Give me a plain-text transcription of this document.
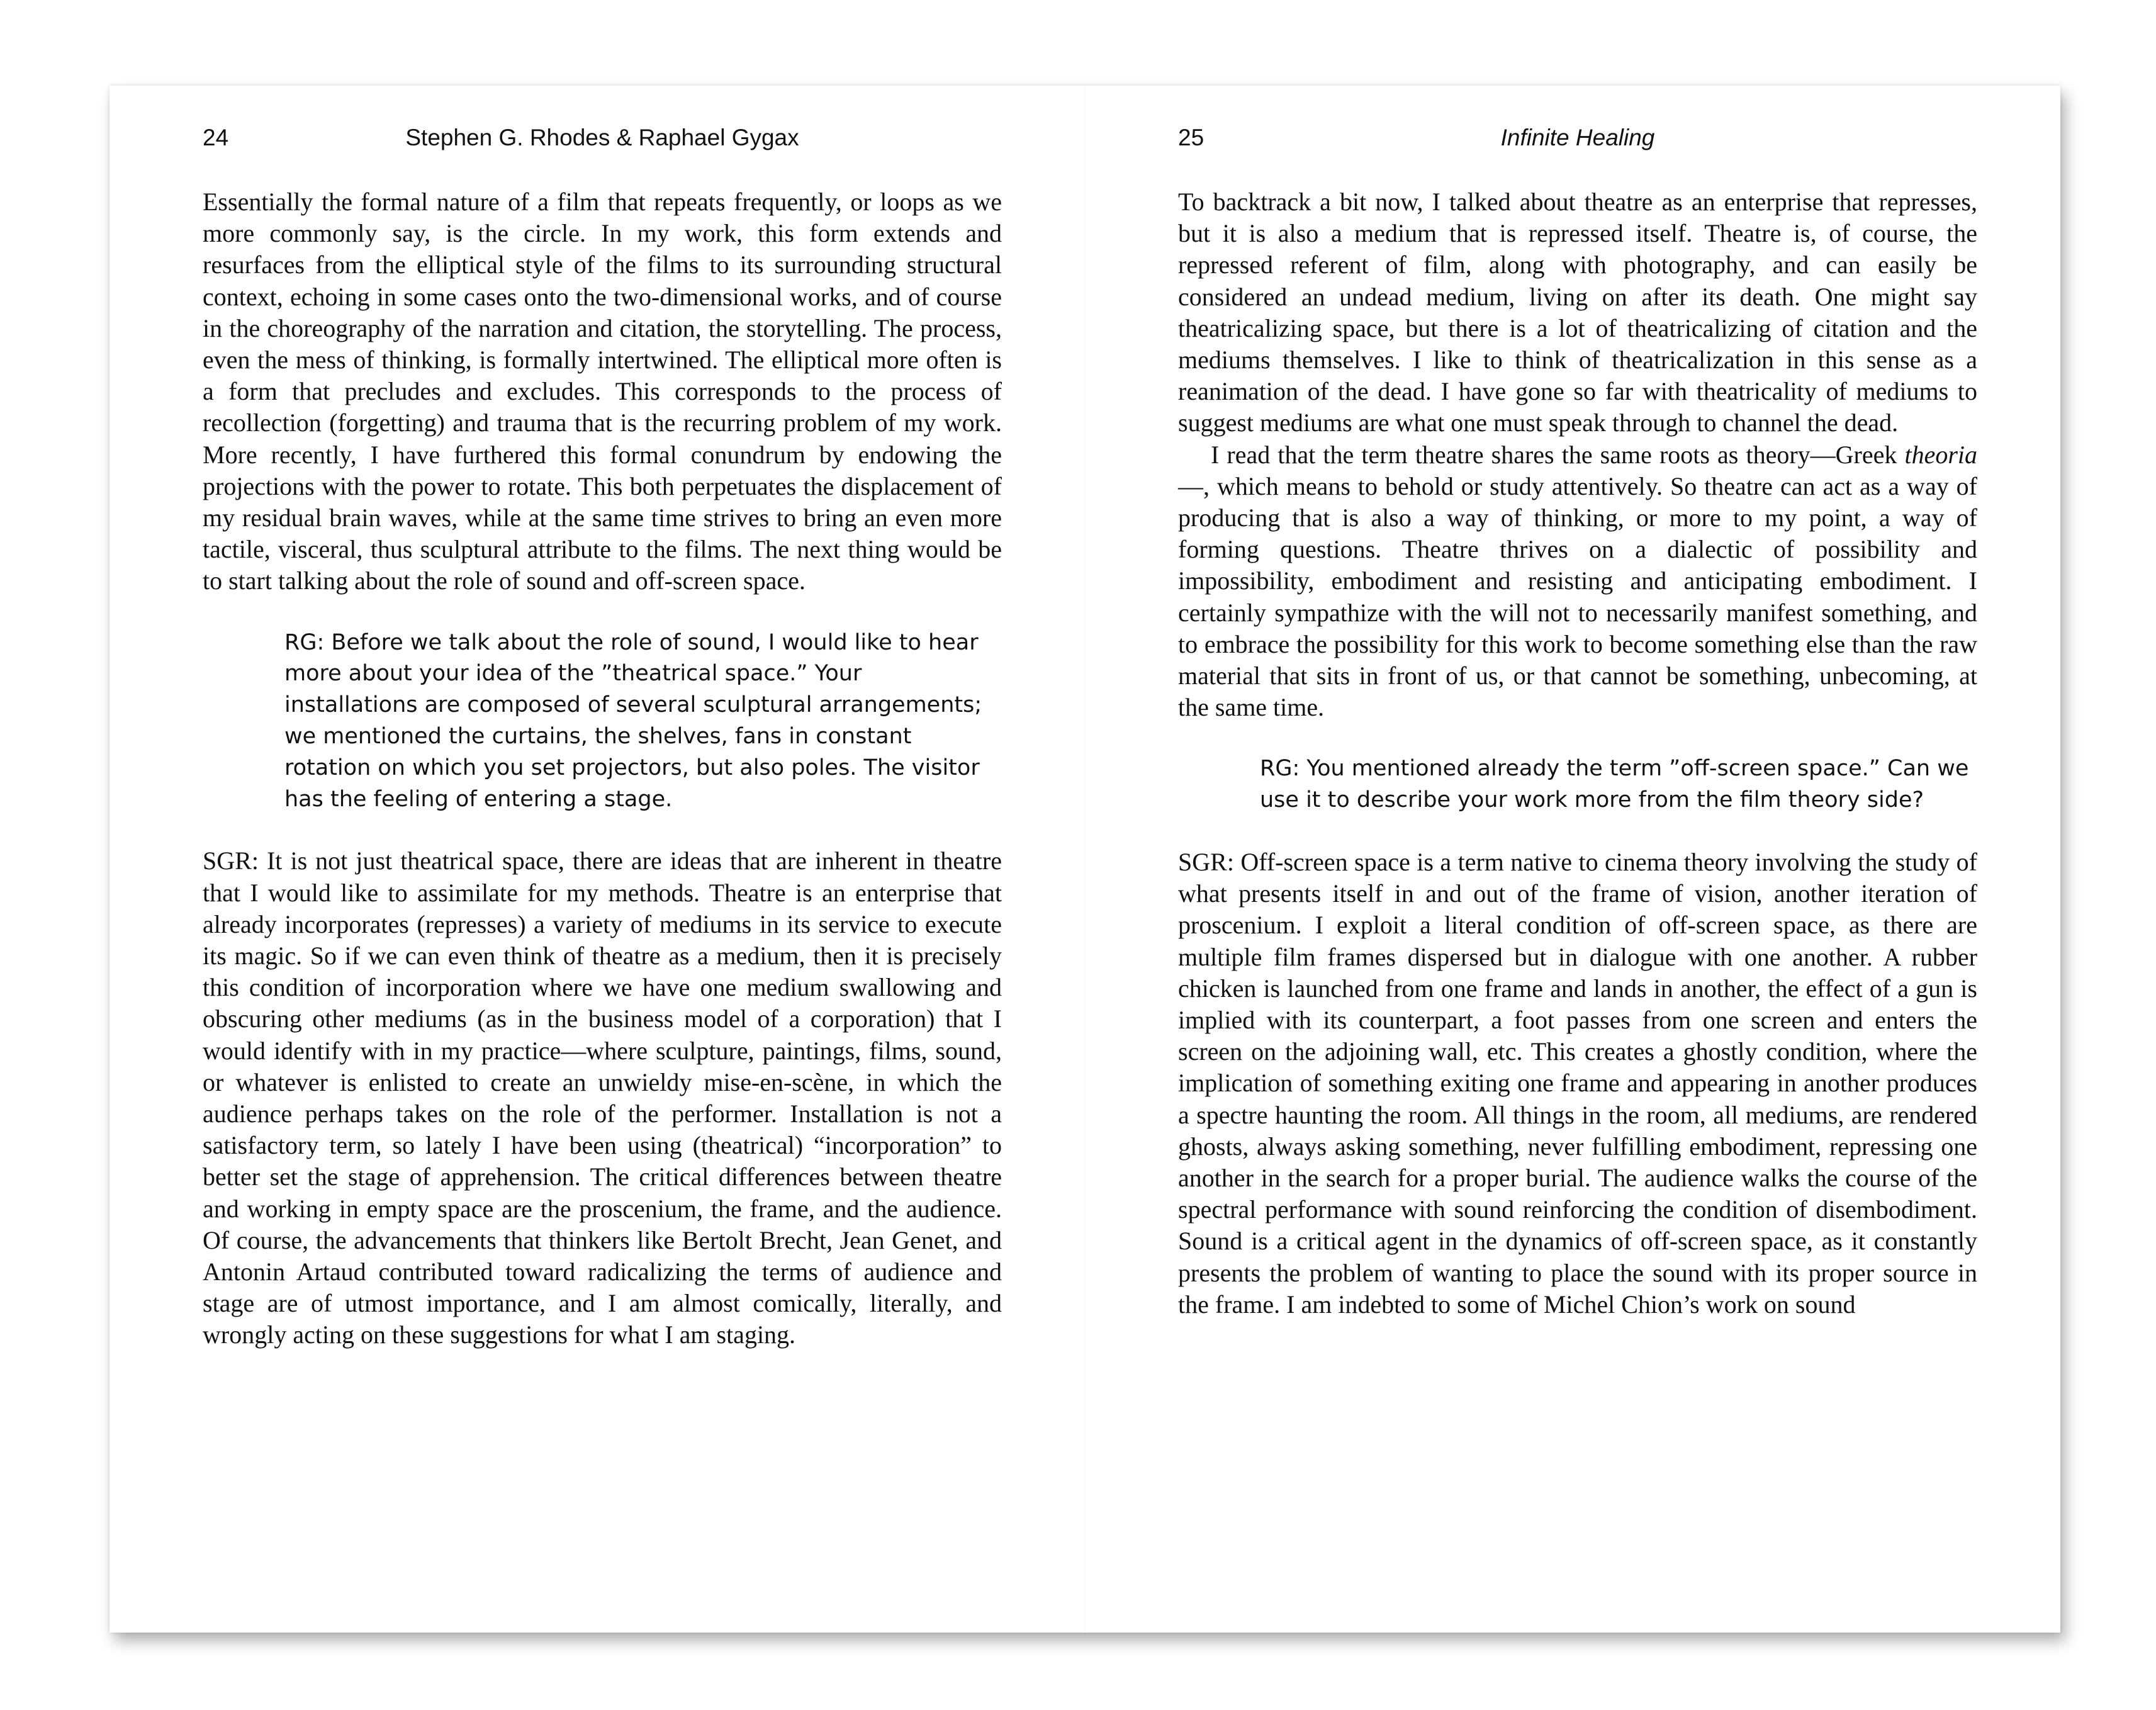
24	Stephen G. Rhodes & Raphael Gygax

Essentially the formal nature of a film that repeats frequently, or loops as we more commonly say, is the circle. In my work, this form extends and resurfaces from the elliptical style of the films to its surrounding structural context, echoing in some cases onto the two-dimensional works, and of course in the choreography of the narration and citation, the storytelling. The process, even the mess of thinking, is formally intertwined. The elliptical more often is a form that precludes and excludes. This corresponds to the process of recollection (forgetting) and trauma that is the recurring problem of my work. More recently, I have furthered this formal conundrum by endowing the projections with the power to rotate. This both perpetuates the displacement of my residual brain waves, while at the same time strives to bring an even more tactile, visceral, thus sculptural attribute to the films. The next thing would be to start talking about the role of sound and off-screen space.

RG: Before we talk about the role of sound, I would like to hear more about your idea of the ”theatrical space.” Your installations are composed of several sculptural arrangements; we mentioned the curtains, the shelves, fans in constant rotation on which you set projectors, but also poles. The visitor has the feeling of entering a stage.

SGR: It is not just theatrical space, there are ideas that are inherent in theatre that I would like to assimilate for my methods. Theatre is an enterprise that already incorporates (represses) a variety of mediums in its service to execute its magic. So if we can even think of theatre as a medium, then it is precisely this condition of incorporation where we have one medium swallowing and obscuring other mediums (as in the business model of a corporation) that I would identify with in my practice—where sculpture, paintings, films, sound, or whatever is enlisted to create an unwieldy mise-en-scène, in which the audience perhaps takes on the role of the performer. Installation is not a satisfactory term, so lately I have been using (theatrical) “incorporation” to better set the stage of apprehension. The critical differences between theatre and working in empty space are the proscenium, the frame, and the audience. Of course, the advancements that thinkers like Bertolt Brecht, Jean Genet, and Antonin Artaud contributed toward radicalizing the terms of audience and stage are of utmost importance, and I am almost comically, literally, and wrongly acting on these suggestions for what I am staging.

25	Infinite Healing

To backtrack a bit now, I talked about theatre as an enterprise that represses, but it is also a medium that is repressed itself. Theatre is, of course, the repressed referent of film, along with photography, and can easily be considered an undead medium, living on after its death. One might say theatricalizing space, but there is a lot of theatricalizing of citation and the mediums themselves. I like to think of theatricalization in this sense as a reanimation of the dead. I have gone so far with theatricality of mediums to suggest mediums are what one must speak through to channel the dead.

I read that the term theatre shares the same roots as theory—Greek theoria—, which means to behold or study attentively. So theatre can act as a way of producing that is also a way of thinking, or more to my point, a way of forming questions. Theatre thrives on a dialectic of possibility and impossibility, embodiment and resisting and anticipating embodiment. I certainly sympathize with the will not to necessarily manifest something, and to embrace the possibility for this work to become something else than the raw material that sits in front of us, or that cannot be something, unbecoming, at the same time.

RG: You mentioned already the term ”off-screen space.” Can we use it to describe your work more from the film theory side?

SGR: Off-screen space is a term native to cinema theory involving the study of what presents itself in and out of the frame of vision, another iteration of proscenium. I exploit a literal condition of off-screen space, as there are multiple film frames dispersed but in dialogue with one another. A rubber chicken is launched from one frame and lands in another, the effect of a gun is implied with its counterpart, a foot passes from one screen and enters the screen on the adjoining wall, etc. This creates a ghostly condition, where the implication of something exiting one frame and appearing in another produces a spectre haunting the room. All things in the room, all mediums, are rendered ghosts, always asking something, never fulfilling embodiment, repressing one another in the search for a proper burial. The audience walks the course of the spectral performance with sound reinforcing the condition of disembodiment. Sound is a critical agent in the dynamics of off-screen space, as it constantly presents the problem of wanting to place the sound with its proper source in the frame. I am indebted to some of Michel Chion’s work on sound
